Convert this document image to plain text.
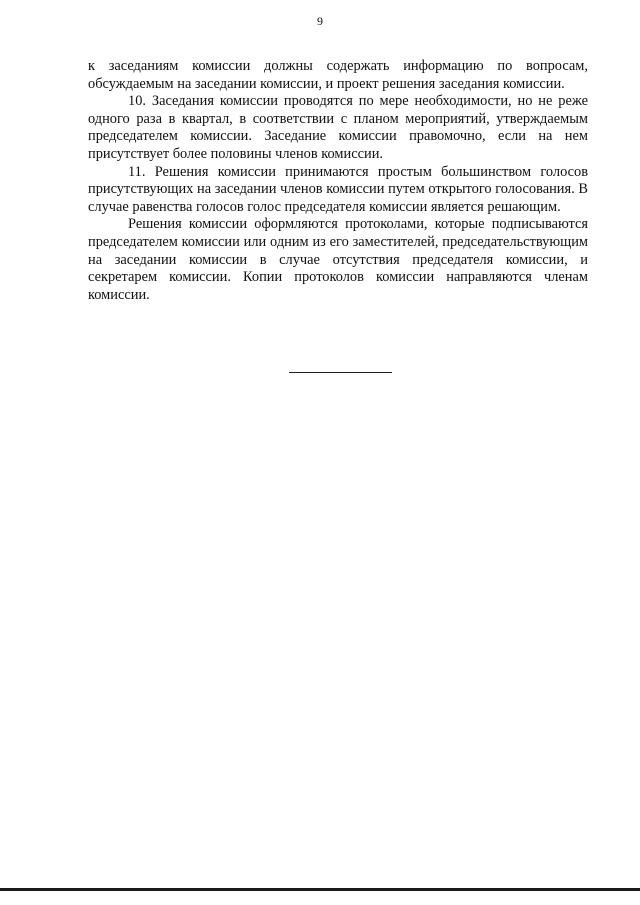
9

к заседаниям комиссии должны содержать информацию по вопросам, обсуждаемым на заседании комиссии, и проект решения заседания комиссии.

10. Заседания комиссии проводятся по мере необходимости, но не реже одного раза в квартал, в соответствии с планом мероприятий, утверждаемым председателем комиссии. Заседание комиссии правомочно, если на нем присутствует более половины членов комиссии.

11. Решения комиссии принимаются простым большинством голосов присутствующих на заседании членов комиссии путем открытого голосования. В случае равенства голосов голос председателя комиссии является решающим.

Решения комиссии оформляются протоколами, которые подписываются председателем комиссии или одним из его заместителей, председательствующим на заседании комиссии в случае отсутствия председателя комиссии, и секретарем комиссии. Копии протоколов комиссии направляются членам комиссии.
